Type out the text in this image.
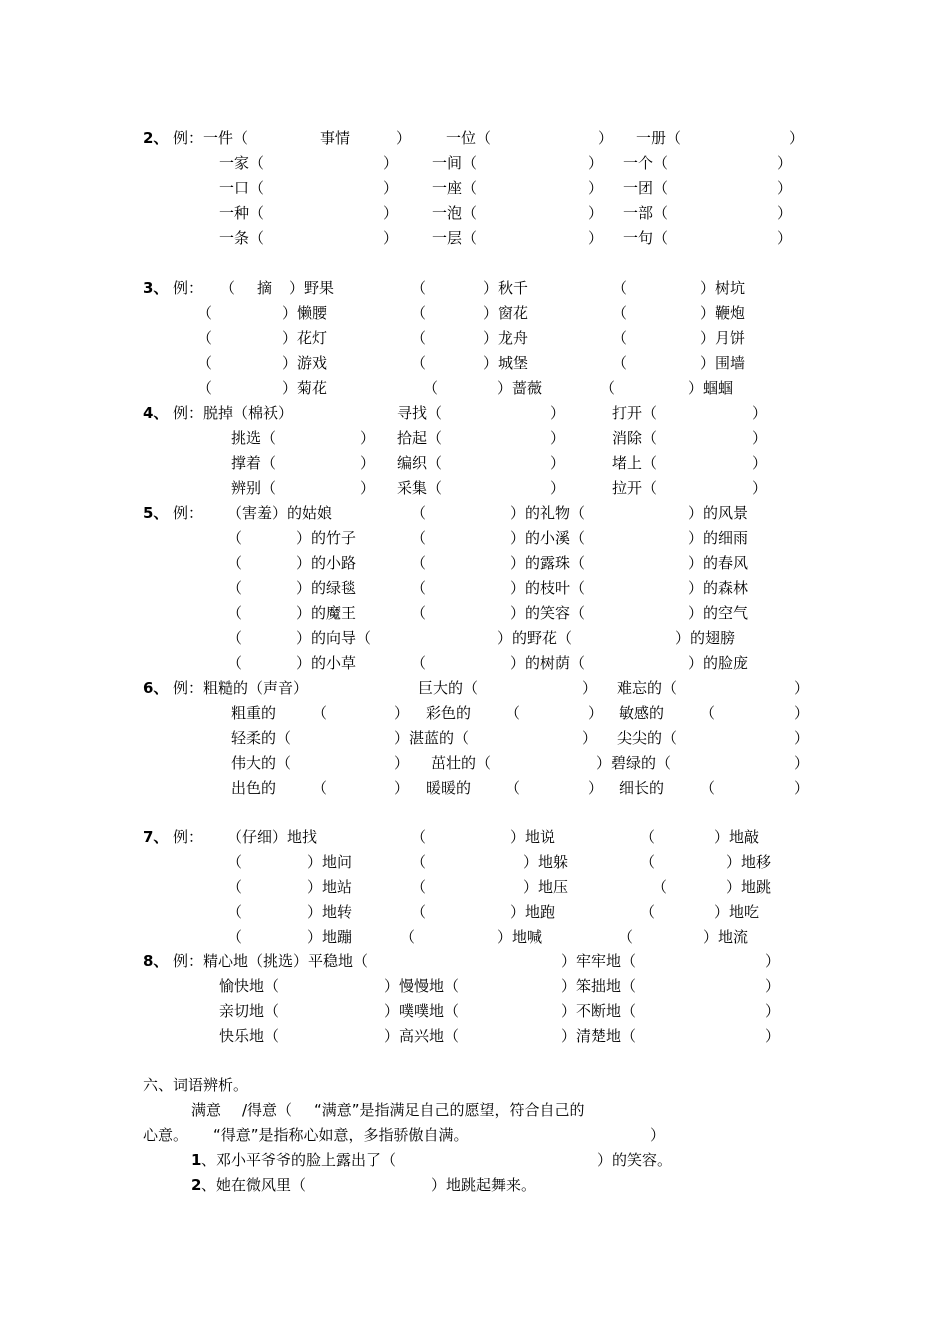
2、 例：一件（	事情	） 一位（	） 一册（	）
一家（	） 一间（	） 一个（	）
一口（	） 一座（	） 一团（	）
一种（	） 一泡（	） 一部（	）
一条（	） 一层（	） 一句（	）
3、 例： （ 摘 ）野果	（	）秋千	（	）树坑
（	）懒腰	（	）窗花	（	）鞭炮
（	）花灯	（	）龙舟	（	）月饼
（	）游戏	（	）城堡	（	）围墙
（	）菊花	（	）蔷薇	（	）蝈蝈
4、 例：脱掉（棉袄）	寻找（	）	打开（	）
挑选（	） 拾起（	）	消除（	）
撑着（	） 编织（	）	堵上（	）
辨别（	） 采集（	）	拉开（	）
5、 例： （害羞）的姑娘	（	）的礼物（	）的风景
（	）的竹子	（	）的小溪（	）的细雨
（	）的小路	（	）的露珠（	）的春风
（	）的绿毯	（	）的枝叶（	）的森林
（	）的魔王	（	）的笑容（	）的空气
（	）的向导（	）的野花（	）的翅膀
（	）的小草	（	）的树荫（	）的脸庞
6、 例：粗糙的（声音）	巨大的（	） 难忘的（	）
粗重的 （	） 彩色的 （	） 敏感的 （	）
轻柔的（	）湛蓝的（	） 尖尖的（	）
伟大的（	） 茁壮的（	）碧绿的（	）
出色的 （	） 暖暖的 （	） 细长的 （	）
7、 例： （仔细）地找	（	）地说	（	）地敲
（	）地问	（	）地躲	（	）地移
（	）地站	（	）地压	（	）地跳
（	）地转	（	）地跑	（	）地吃
（	）地蹦	（	）地喊	（	）地流
8、 例：精心地（挑选）平稳地（	）牢牢地（	）
愉快地（	）慢慢地（	）笨拙地（	）
亲切地（	）噗噗地（	）不断地（	）
快乐地（	）高兴地（	）清楚地（	）
六、词语辨析。
满意 /得意（ “满意”是指满足自己的愿望，符合自己的
心意。 “得意”是指称心如意，多指骄傲自满。	）
1 、邓小平爷爷的脸上露出了（	）的笑容。
2 、她在微风里（	）地跳起舞来。
